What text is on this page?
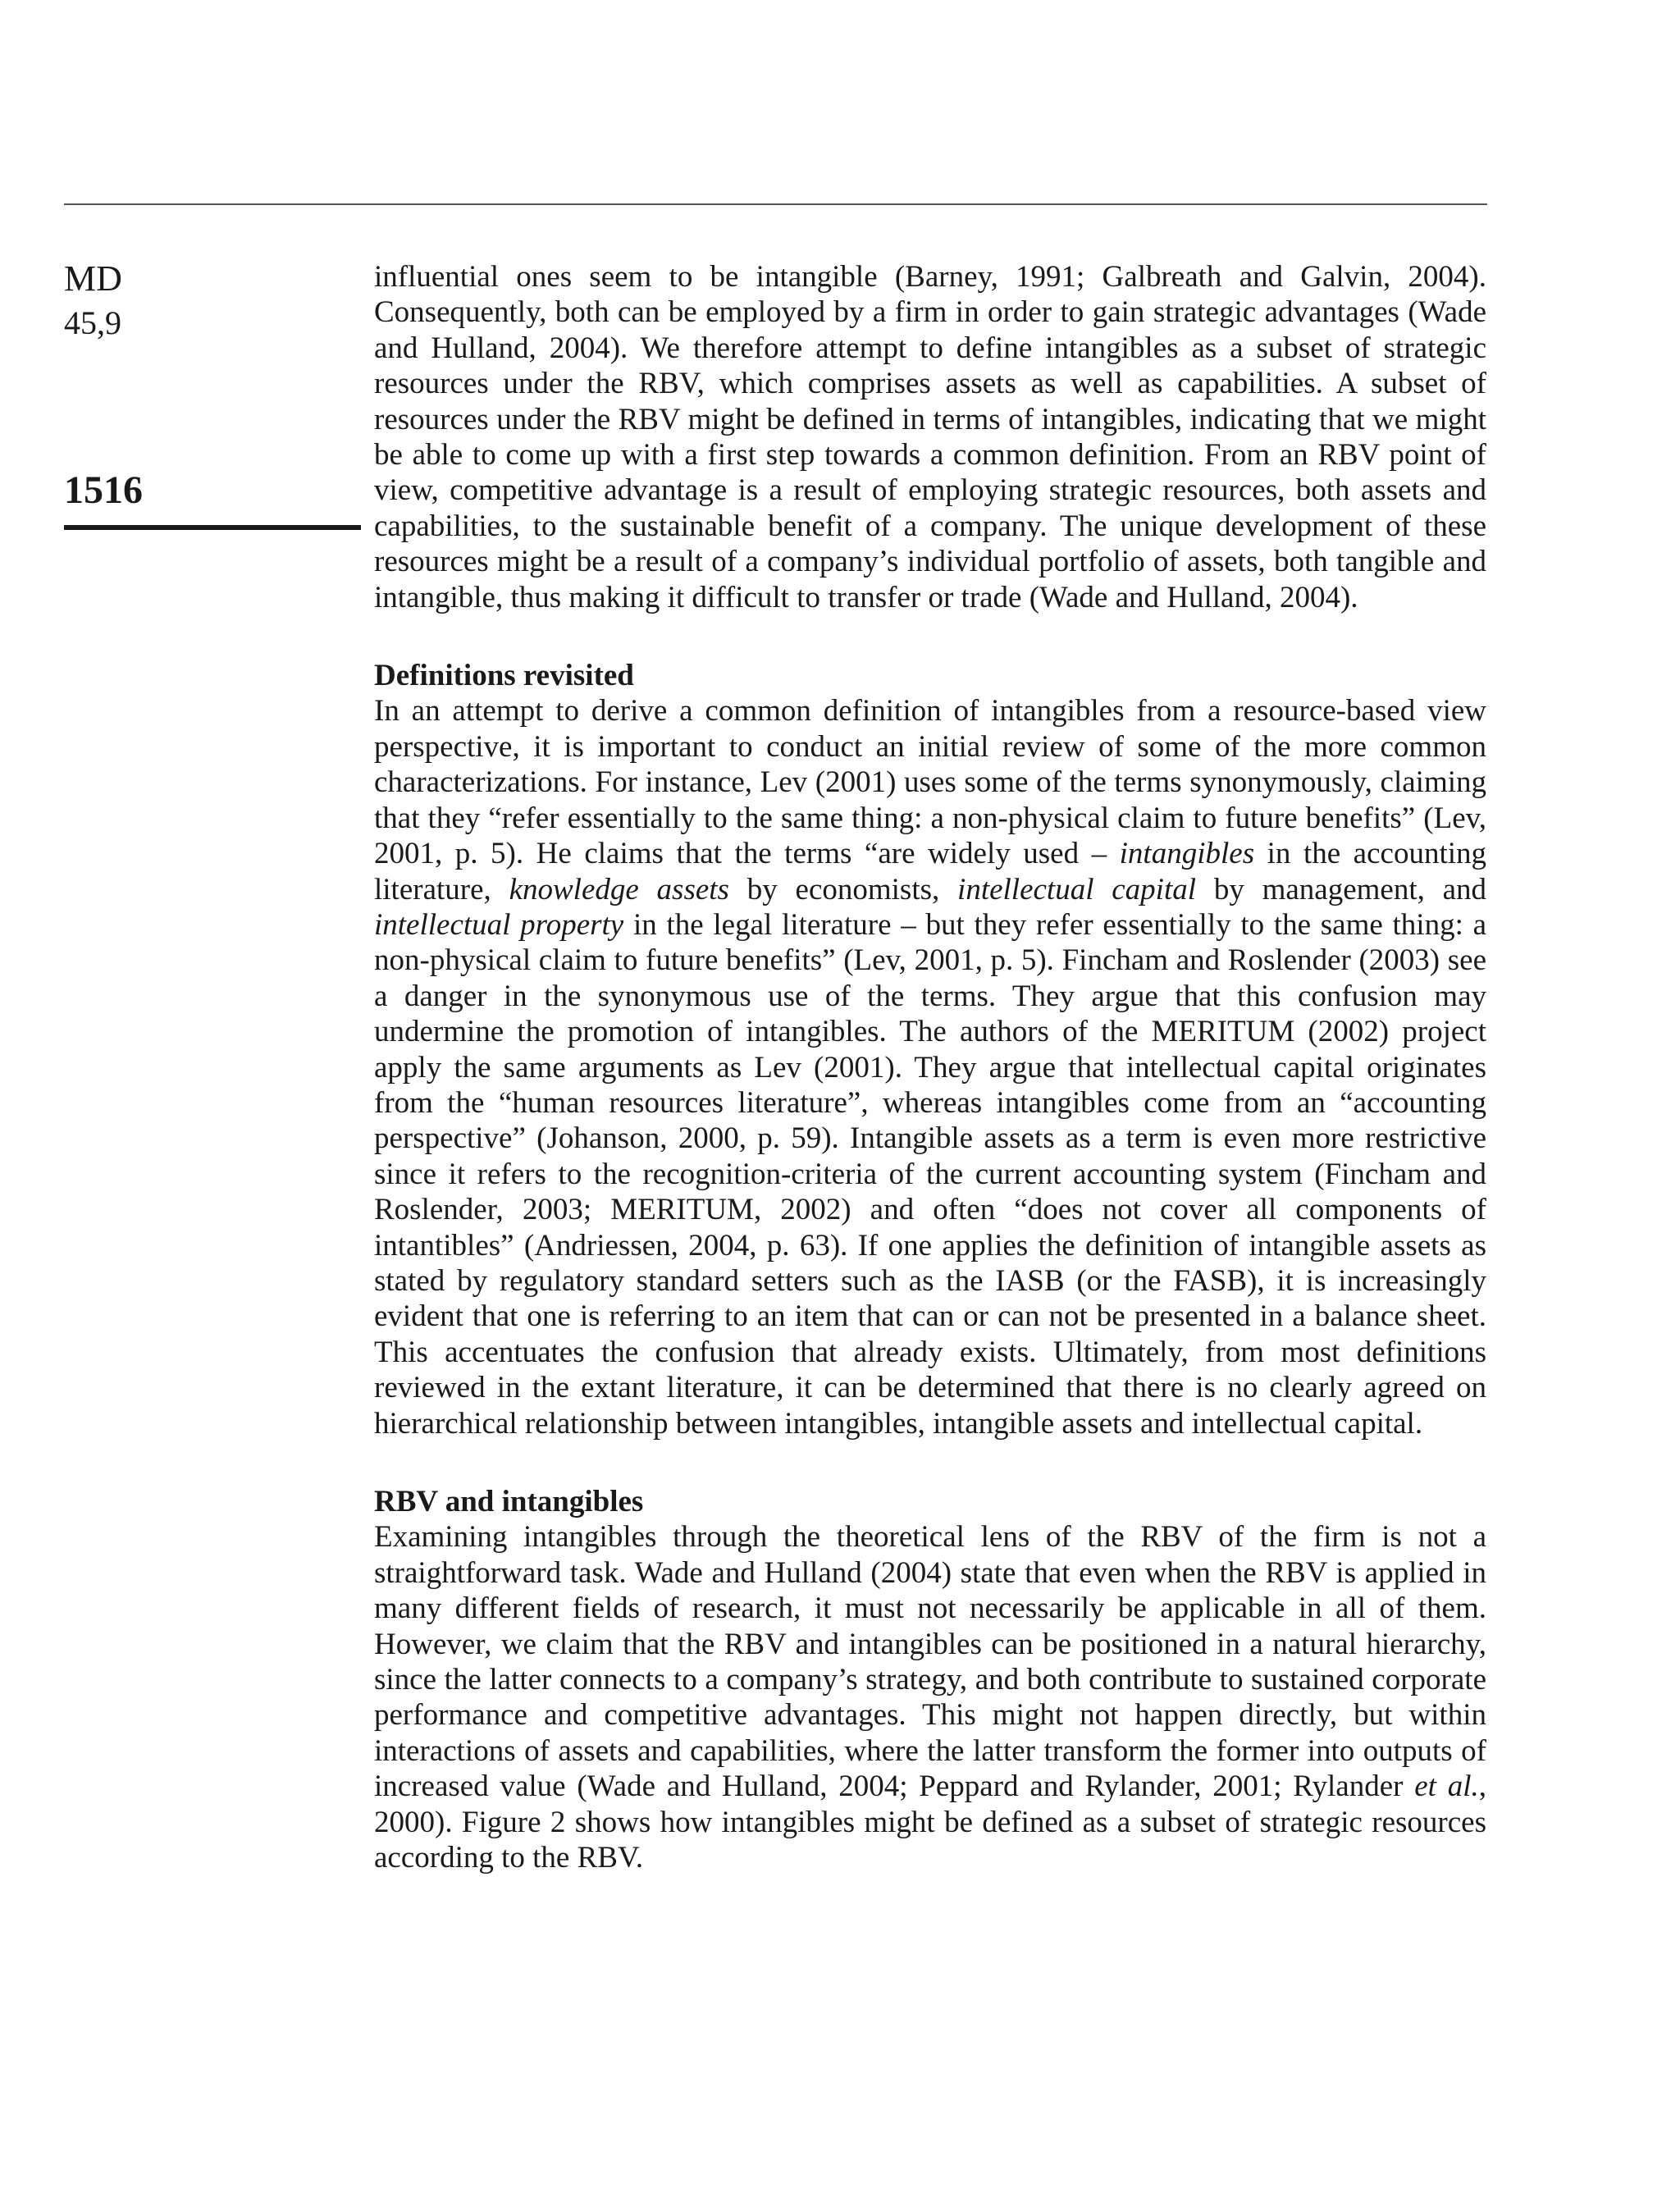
MD
45,9
1516

influential ones seem to be intangible (Barney, 1991; Galbreath and Galvin, 2004). Consequently, both can be employed by a firm in order to gain strategic advantages (Wade and Hulland, 2004). We therefore attempt to define intangibles as a subset of strategic resources under the RBV, which comprises assets as well as capabilities. A subset of resources under the RBV might be defined in terms of intangibles, indicating that we might be able to come up with a first step towards a common definition. From an RBV point of view, competitive advantage is a result of employing strategic resources, both assets and capabilities, to the sustainable benefit of a company. The unique development of these resources might be a result of a company’s individual portfolio of assets, both tangible and intangible, thus making it difficult to transfer or trade (Wade and Hulland, 2004).

Definitions revisited

In an attempt to derive a common definition of intangibles from a resource-based view perspective, it is important to conduct an initial review of some of the more common characterizations. For instance, Lev (2001) uses some of the terms synonymously, claiming that they “refer essentially to the same thing: a non-physical claim to future benefits” (Lev, 2001, p. 5). He claims that the terms “are widely used – intangibles in the accounting literature, knowledge assets by economists, intellectual capital by management, and intellectual property in the legal literature – but they refer essentially to the same thing: a non-physical claim to future benefits” (Lev, 2001, p. 5). Fincham and Roslender (2003) see a danger in the synonymous use of the terms. They argue that this confusion may undermine the promotion of intangibles. The authors of the MERITUM (2002) project apply the same arguments as Lev (2001). They argue that intellectual capital originates from the “human resources literature”, whereas intangibles come from an “accounting perspective” (Johanson, 2000, p. 59). Intangible assets as a term is even more restrictive since it refers to the recognition-criteria of the current accounting system (Fincham and Roslender, 2003; MERITUM, 2002) and often “does not cover all components of intantibles” (Andriessen, 2004, p. 63). If one applies the definition of intangible assets as stated by regulatory standard setters such as the IASB (or the FASB), it is increasingly evident that one is referring to an item that can or can not be presented in a balance sheet. This accentuates the confusion that already exists. Ultimately, from most definitions reviewed in the extant literature, it can be determined that there is no clearly agreed on hierarchical relationship between intangibles, intangible assets and intellectual capital.

RBV and intangibles

Examining intangibles through the theoretical lens of the RBV of the firm is not a straightforward task. Wade and Hulland (2004) state that even when the RBV is applied in many different fields of research, it must not necessarily be applicable in all of them. However, we claim that the RBV and intangibles can be positioned in a natural hierarchy, since the latter connects to a company’s strategy, and both contribute to sustained corporate performance and competitive advantages. This might not happen directly, but within interactions of assets and capabilities, where the latter transform the former into outputs of increased value (Wade and Hulland, 2004; Peppard and Rylander, 2001; Rylander et al., 2000). Figure 2 shows how intangibles might be defined as a subset of strategic resources according to the RBV.
